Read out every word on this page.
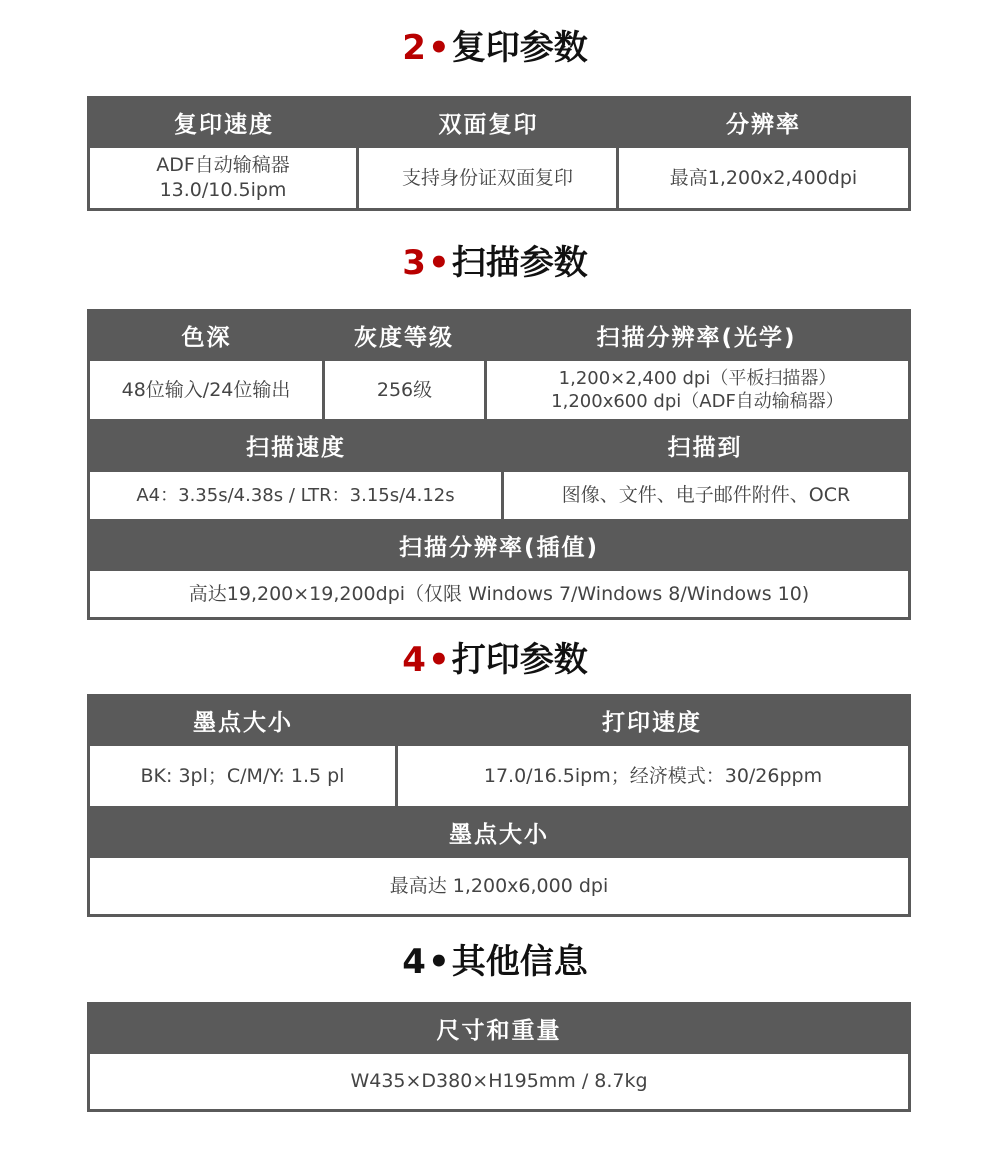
2•复印参数
复印速度	双面复印	分辨率
ADF自动输稿器
13.0/10.5ipm
支持身份证双面复印	最高1,200x2,400dpi
3•扫描参数
色深	灰度等级	扫描分辨率(光学)
48位输入/24位输出	256级	1,200×2,400 dpi（平板扫描器）
1,200x600 dpi（ADF自动输稿器）
扫描速度	扫描到
A4：3.35s/4.38s / LTR：3.15s/4.12s	图像、文件、电子邮件附件、OCR
扫描分辨率(插值)
高达19,200×19,200dpi（仅限 Windows 7/Windows 8/Windows 10)
4•打印参数
墨点大小	打印速度
BK: 3pl；C/M/Y: 1.5 pl	17.0/16.5ipm；经济模式：30/26ppm
墨点大小
最高达 1,200x6,000 dpi
4•其他信息
尺寸和重量
W435×D380×H195mm / 8.7kg
